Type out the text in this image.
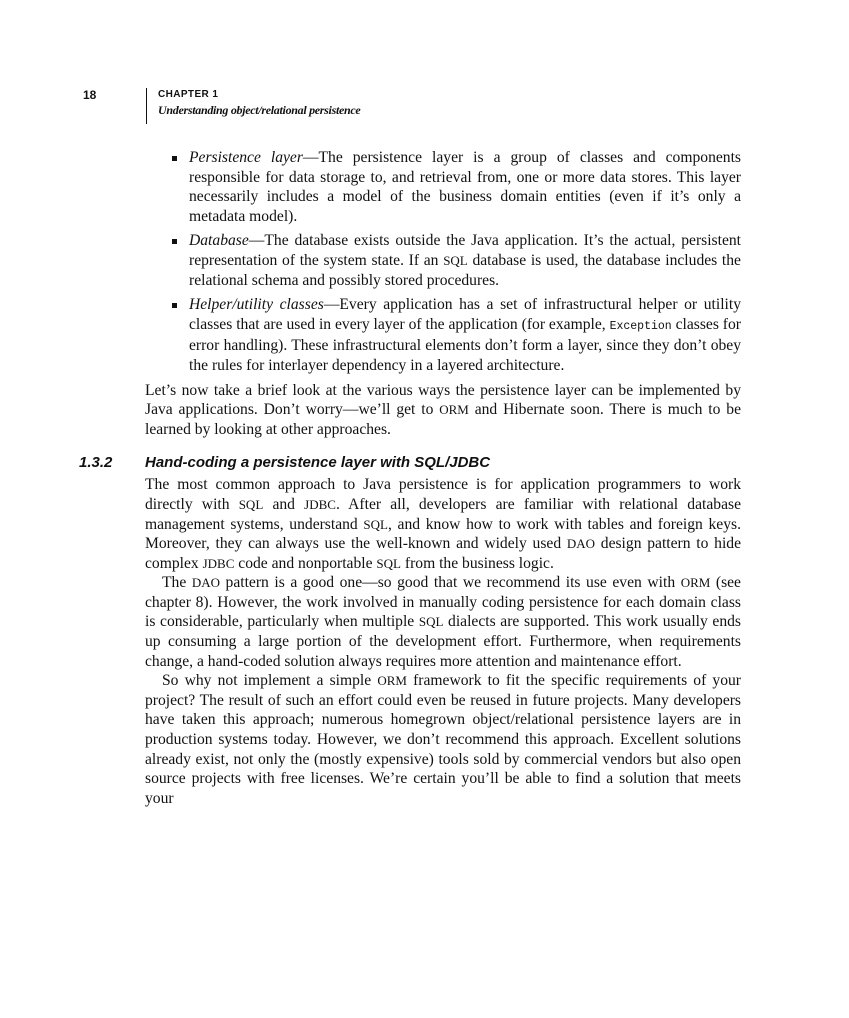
18	CHAPTER 1
Understanding object/relational persistence
Persistence layer—The persistence layer is a group of classes and components responsible for data storage to, and retrieval from, one or more data stores. This layer necessarily includes a model of the business domain entities (even if it’s only a metadata model).
Database—The database exists outside the Java application. It’s the actual, persistent representation of the system state. If an SQL database is used, the database includes the relational schema and possibly stored procedures.
Helper/utility classes—Every application has a set of infrastructural helper or utility classes that are used in every layer of the application (for example, Exception classes for error handling). These infrastructural elements don’t form a layer, since they don’t obey the rules for interlayer dependency in a layered architecture.

Let’s now take a brief look at the various ways the persistence layer can be implemented by Java applications. Don’t worry—we’ll get to ORM and Hibernate soon. There is much to be learned by looking at other approaches.

1.3.2 Hand-coding a persistence layer with SQL/JDBC

The most common approach to Java persistence is for application programmers to work directly with SQL and JDBC. After all, developers are familiar with relational database management systems, understand SQL, and know how to work with tables and foreign keys. Moreover, they can always use the well-known and widely used DAO design pattern to hide complex JDBC code and nonportable SQL from the business logic.

The DAO pattern is a good one—so good that we recommend its use even with ORM (see chapter 8). However, the work involved in manually coding persistence for each domain class is considerable, particularly when multiple SQL dialects are supported. This work usually ends up consuming a large portion of the development effort. Furthermore, when requirements change, a hand-coded solution always requires more attention and maintenance effort.

So why not implement a simple ORM framework to fit the specific requirements of your project? The result of such an effort could even be reused in future projects. Many developers have taken this approach; numerous homegrown object/relational persistence layers are in production systems today. However, we don’t recommend this approach. Excellent solutions already exist, not only the (mostly expensive) tools sold by commercial vendors but also open source projects with free licenses. We’re certain you’ll be able to find a solution that meets your
